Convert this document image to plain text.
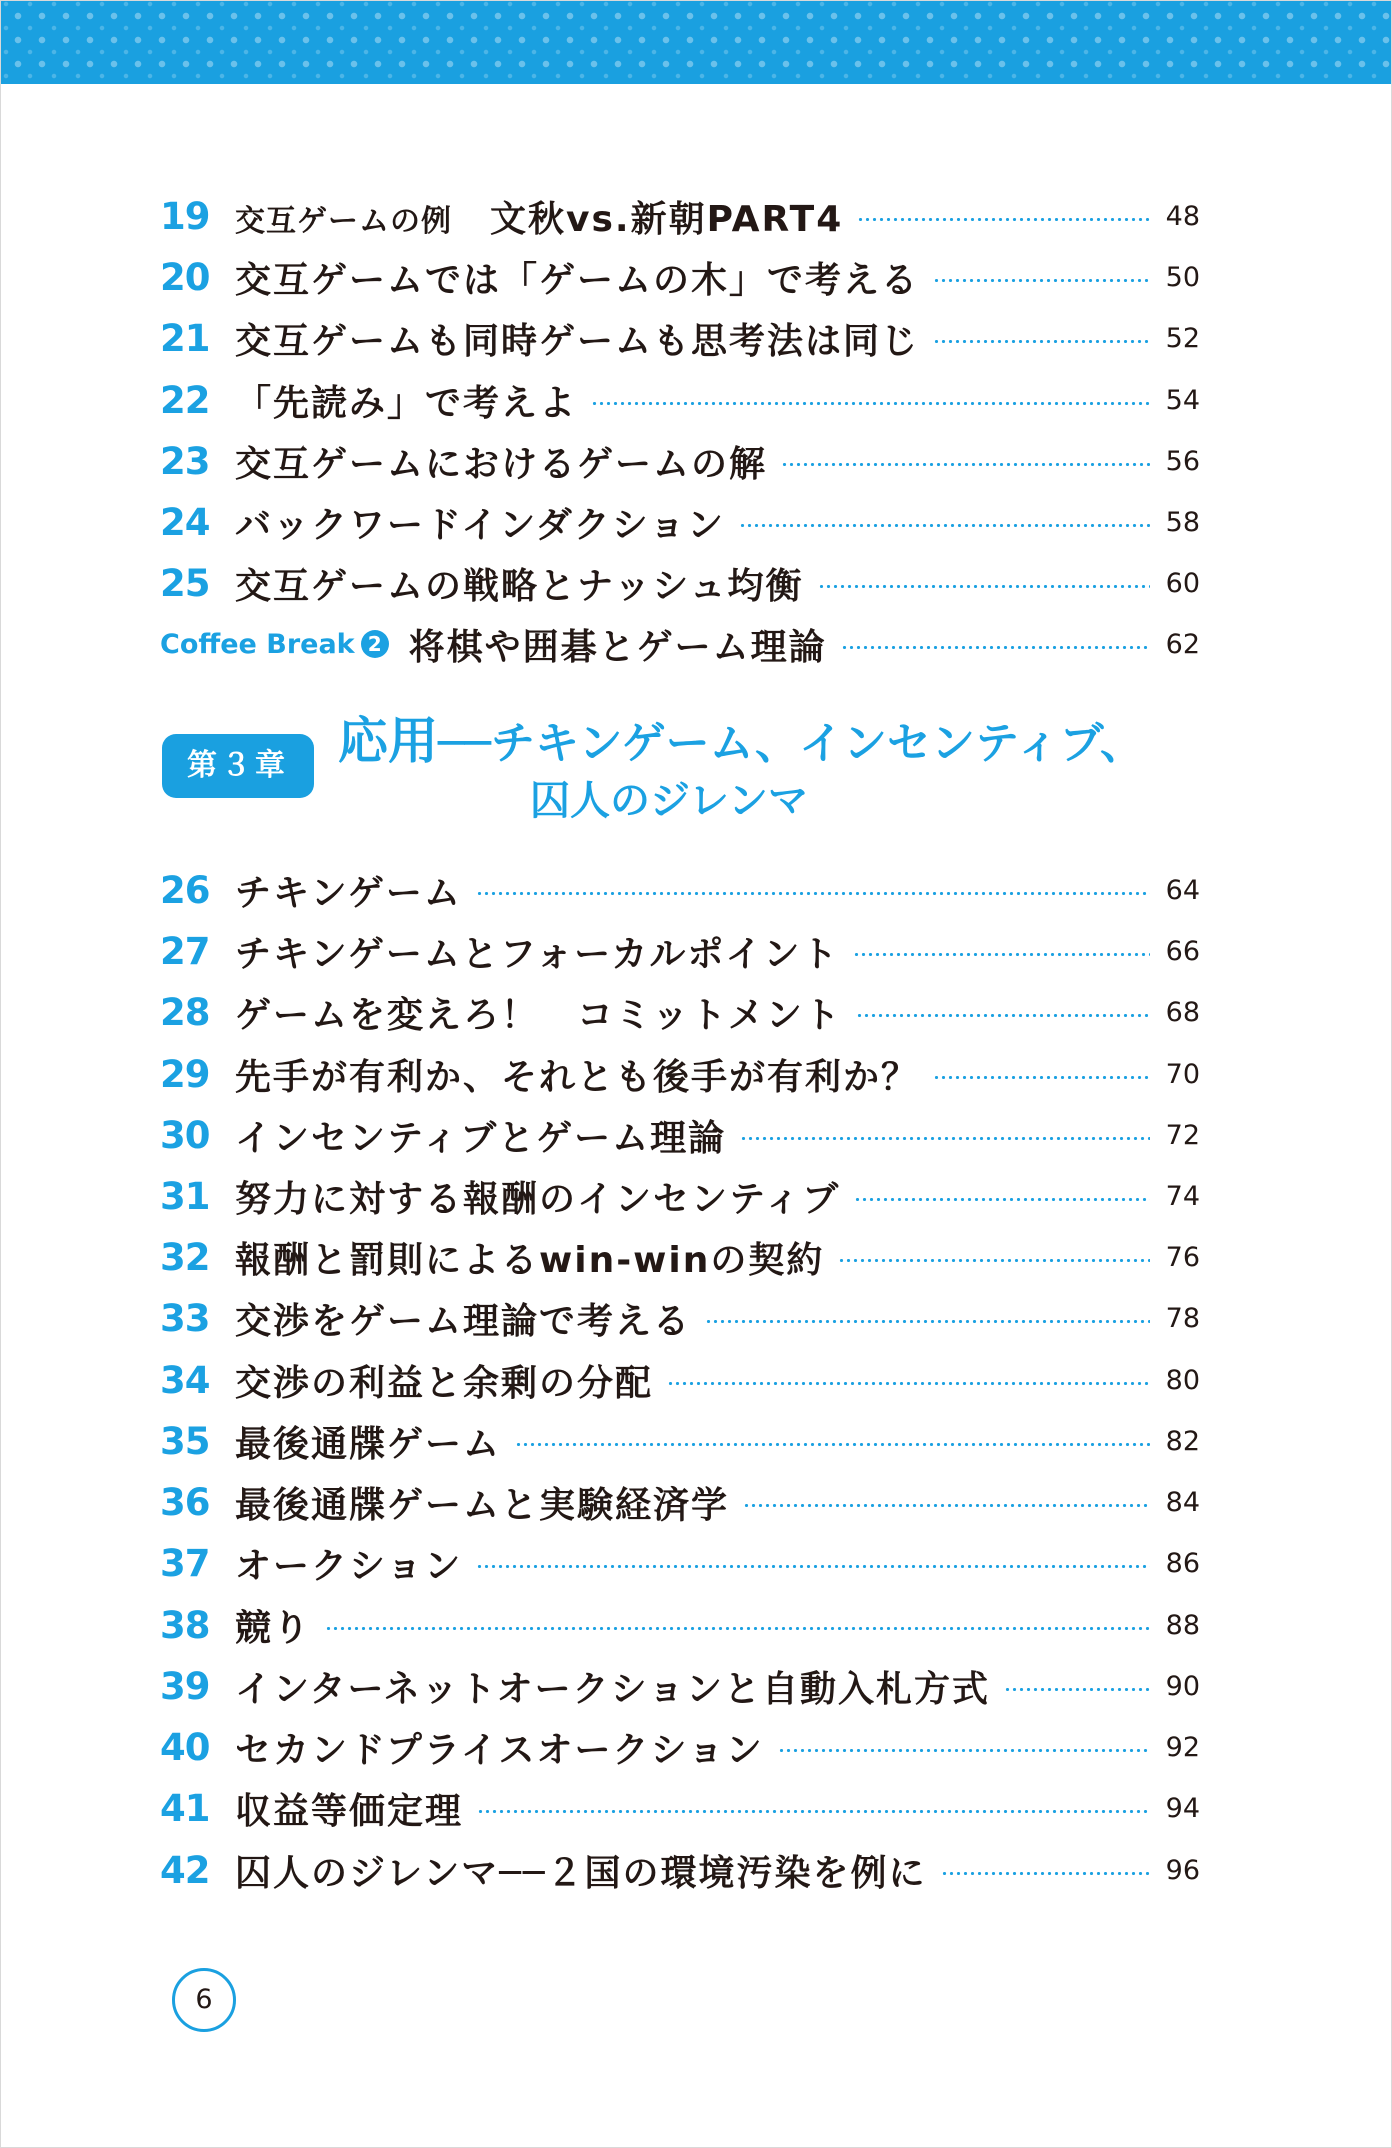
19 交互ゲームの例　 文秋vs.新朝PART4	48
20 交互ゲームでは「ゲームの木」で考える	50
21 交互ゲームも同時ゲームも思考法は同じ	52
22 「先読み」で考えよ	54
23 交互ゲームにおけるゲームの解	56
24 バックワードインダクション	58
25 交互ゲームの戦略とナッシュ均衡	60
Coffee Break 2 将棋や囲碁とゲーム理論	62
第３章 応用──チキンゲーム、インセンティブ、
囚人のジレンマ
26 チキンゲーム	64
27 チキンゲームとフォーカルポイント	66
28 ゲームを変えろ！　コミットメント	68
29 先手が有利か、それとも後手が有利か？	70
30 インセンティブとゲーム理論	72
31 努力に対する報酬のインセンティブ	74
32 報酬と罰則によるwin-winの契約	76
33 交渉をゲーム理論で考える	78
34 交渉の利益と余剰の分配	80
35 最後通牒ゲーム	82
36 最後通牒ゲームと実験経済学	84
37 オークション	86
38 競り	88
39 インターネットオークションと自動入札方式	90
40 セカンドプライスオークション	92
41 収益等価定理	94
42 囚人のジレンマ──２国の環境汚染を例に	96
6
